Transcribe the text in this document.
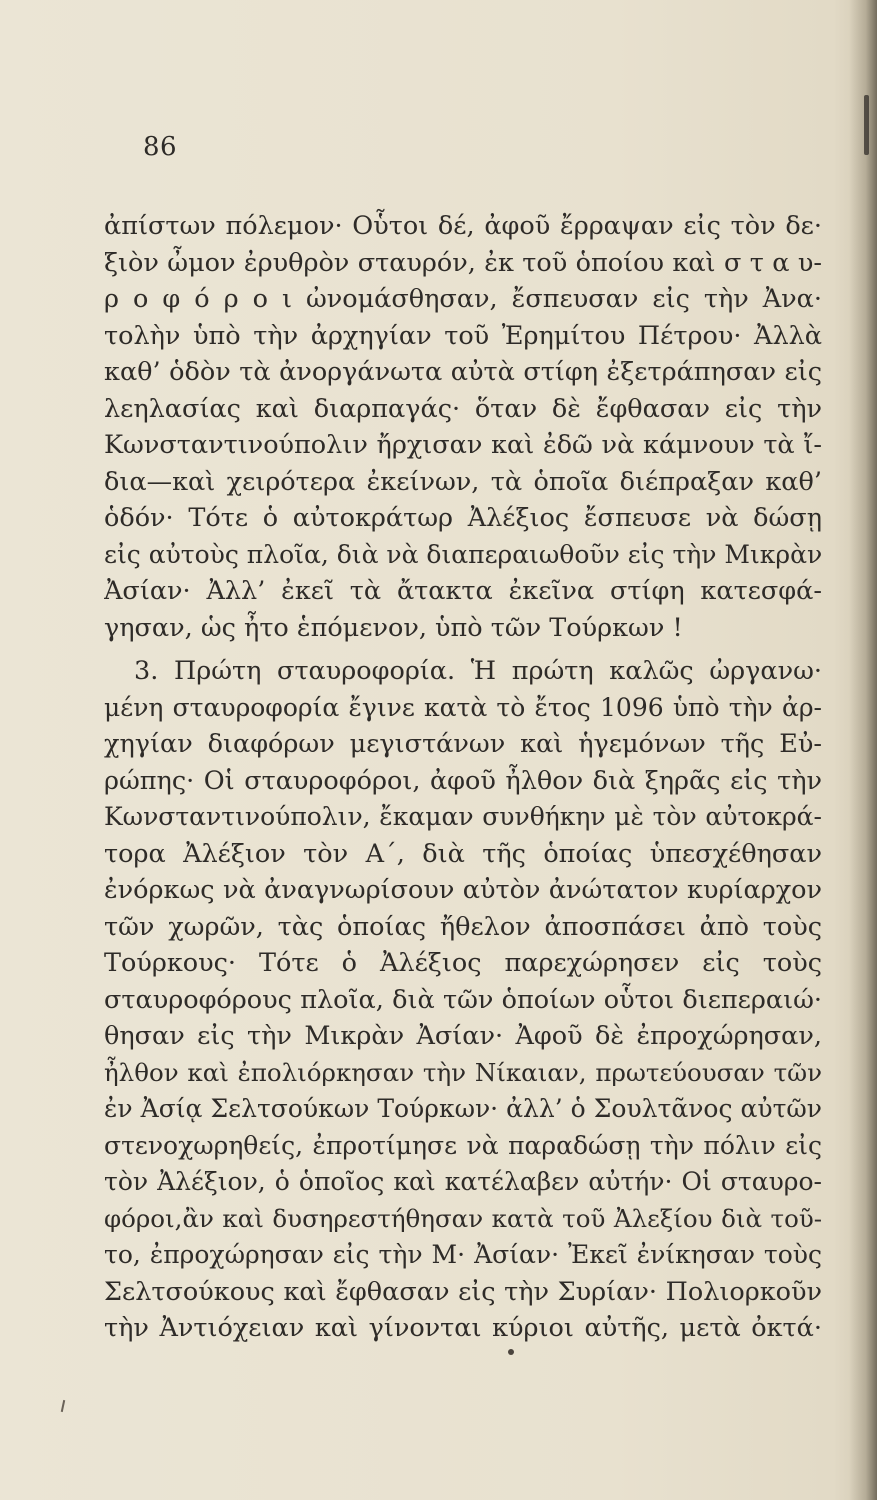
86
ἀπίστων πόλεμον· Οὗτοι δέ, ἀφοῦ ἔρραψαν εἰς τὸν δε·
ξιὸν ὦμον ἐρυθρὸν σταυρόν, ἐκ τοῦ ὁποίου καὶ σ τ α υ-
ρ ο φ ό ρ ο ι ὠνομάσθησαν, ἔσπευσαν εἰς τὴν Ἀνα·
τολὴν ὑπὸ τὴν ἀρχηγίαν τοῦ Ἐρημίτου Πέτρου· Ἀλλὰ
καθ’ ὁδὸν τὰ ἀνοργάνωτα αὐτὰ στίφη ἐξετράπησαν εἰς
λεηλασίας καὶ διαρπαγάς· ὅταν δὲ ἔφθασαν εἰς τὴν
Κωνσταντινούπολιν ἤρχισαν καὶ ἐδῶ νὰ κάμνουν τὰ ἴ-
δια—καὶ χειρότερα ἐκείνων, τὰ ὁποῖα διέπραξαν καθ’
ὁδόν· Τότε ὁ αὐτοκράτωρ Ἀλέξιος ἔσπευσε νὰ δώσῃ
εἰς αὐτοὺς πλοῖα, διὰ νὰ διαπεραιωθοῦν εἰς τὴν Μικρὰν
Ἀσίαν· Ἀλλ’ ἐκεῖ τὰ ἄτακτα ἐκεῖνα στίφη κατεσφά-
γησαν, ὡς ἦτο ἑπόμενον, ὑπὸ τῶν Τούρκων !
3. Πρώτη σταυροφορία. Ἡ πρώτη καλῶς ὠργανω·
μένη σταυροφορία ἔγινε κατὰ τὸ ἔτος 1096 ὑπὸ τὴν ἀρ-
χηγίαν διαφόρων μεγιστάνων καὶ ἡγεμόνων τῆς Εὐ-
ρώπης· Οἱ σταυροφόροι, ἀφοῦ ἦλθον διὰ ξηρᾶς εἰς τὴν
Κωνσταντινούπολιν, ἔκαμαν συνθήκην μὲ τὸν αὐτοκρά-
τορα Ἀλέξιον τὸν Α΄, διὰ τῆς ὁποίας ὑπεσχέθησαν
ἐνόρκως νὰ ἀναγνωρίσουν αὐτὸν ἀνώτατον κυρίαρχον
τῶν χωρῶν, τὰς ὁποίας ἤθελον ἀποσπάσει ἀπὸ τοὺς
Τούρκους· Τότε ὁ Ἀλέξιος παρεχώρησεν εἰς τοὺς
σταυροφόρους πλοῖα, διὰ τῶν ὁποίων οὗτοι διεπεραιώ·
θησαν εἰς τὴν Μικρὰν Ἀσίαν· Ἀφοῦ δὲ ἐπροχώρησαν,
ἦλθον καὶ ἐπολιόρκησαν τὴν Νίκαιαν, πρωτεύουσαν τῶν
ἐν Ἀσίᾳ Σελτσούκων Τούρκων· ἀλλ’ ὁ Σουλτᾶνος αὐτῶν
στενοχωρηθείς, ἐπροτίμησε νὰ παραδώσῃ τὴν πόλιν εἰς
τὸν Ἀλέξιον, ὁ ὁποῖος καὶ κατέλαβεν αὐτήν· Οἱ σταυρο-
φόροι,ἂν καὶ δυσηρεστήθησαν κατὰ τοῦ Ἀλεξίου διὰ τοῦ-
το, ἐπροχώρησαν εἰς τὴν Μ· Ἀσίαν· Ἐκεῖ ἐνίκησαν τοὺς
Σελτσούκους καὶ ἔφθασαν εἰς τὴν Συρίαν· Πολιορκοῦν
τὴν Ἀντιόχειαν καὶ γίνονται κύριοι αὐτῆς, μετὰ ὀκτά·
